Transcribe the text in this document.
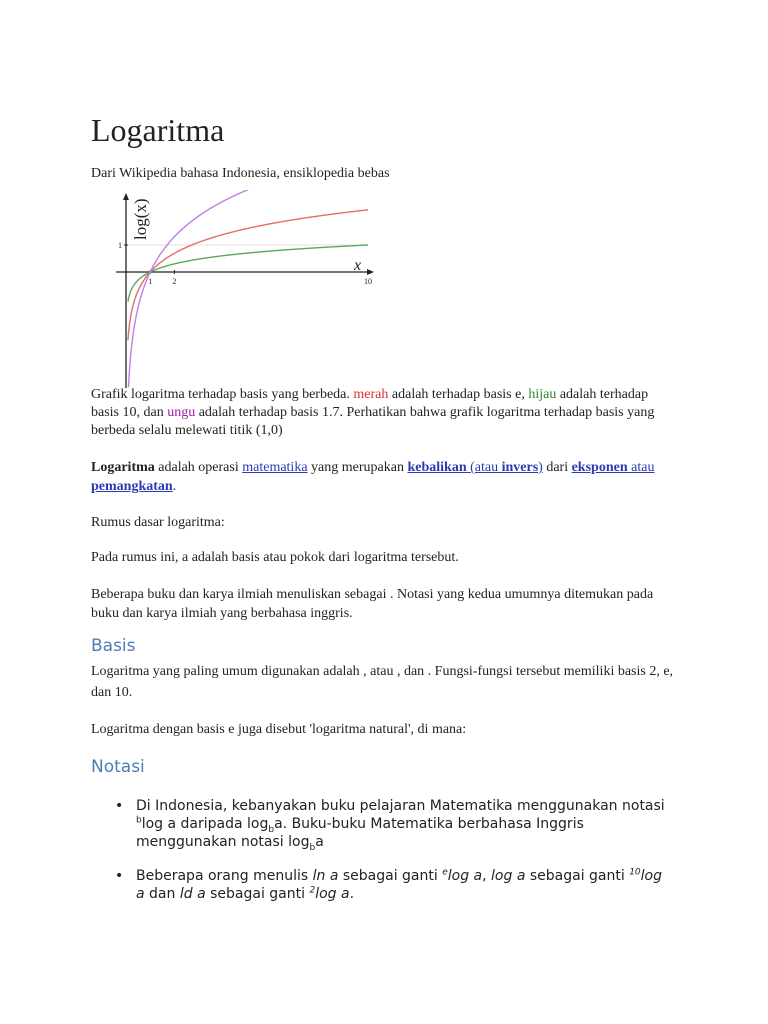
Logaritma
Dari Wikipedia bahasa Indonesia, ensiklopedia bebas
1	2	10
1
log(x)
x
Grafik logaritma terhadap basis yang berbeda. merah adalah terhadap basis e, hijau adalah terhadap basis 10, dan ungu adalah terhadap basis 1.7. Perhatikan bahwa grafik logaritma terhadap basis yang berbeda selalu melewati titik (1,0)
Logaritma adalah operasi matematika yang merupakan kebalikan (atau invers) dari eksponen atau pemangkatan.
Rumus dasar logaritma:
Pada rumus ini, a adalah basis atau pokok dari logaritma tersebut.
Beberapa buku dan karya ilmiah menuliskan sebagai . Notasi yang kedua umumnya ditemukan pada buku dan karya ilmiah yang berbahasa inggris.
Basis
Logaritma yang paling umum digunakan adalah , atau , dan . Fungsi-fungsi tersebut memiliki basis 2, e, dan 10.
Logaritma dengan basis e juga disebut 'logaritma natural', di mana:
Notasi
• Di Indonesia, kebanyakan buku pelajaran Matematika menggunakan notasi $^b$log a daripada $\log_ba$. Buku-buku Matematika berbahasa Inggris menggunakan notasi $\log_ba$
• Beberapa orang menulis ln a sebagai ganti $^e$log a, log a sebagai ganti $^{10}$log a dan ld a sebagai ganti $^2$log a.
